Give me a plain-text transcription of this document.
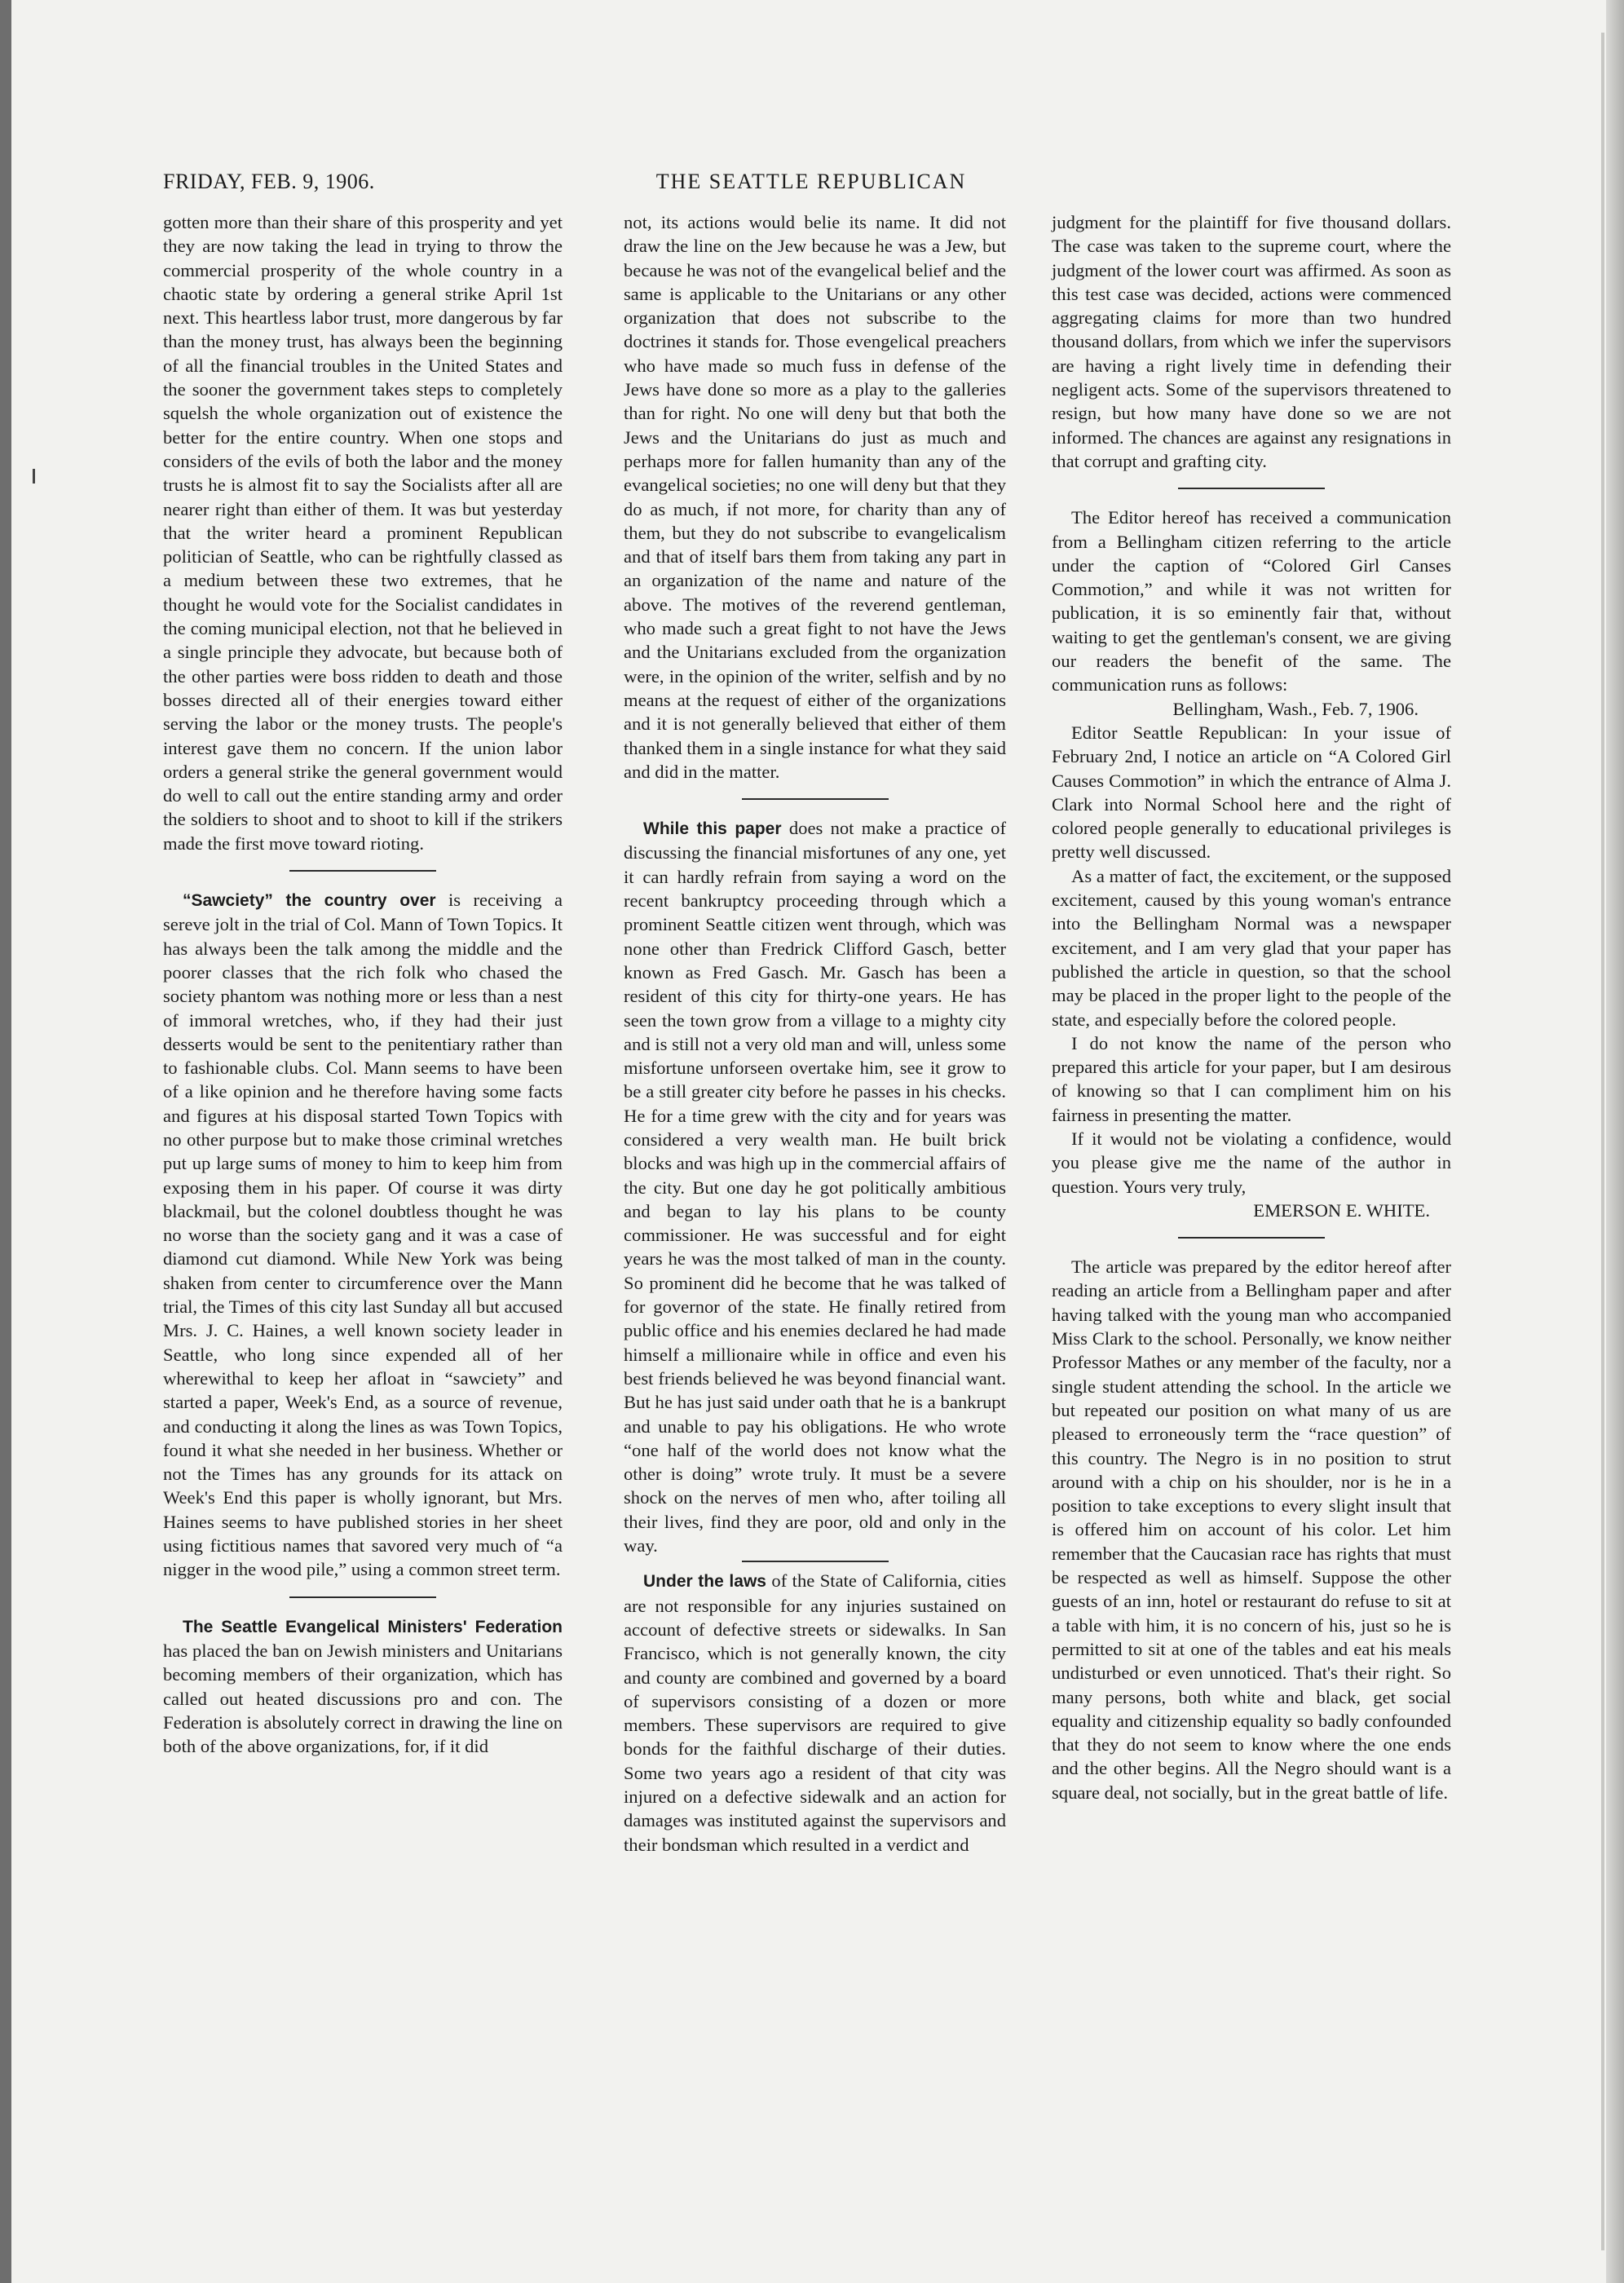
THE SEATTLE REPUBLICAN
FRIDAY, FEB. 9, 1906.

gotten more than their share of this prosperity and yet they are now taking the lead in trying to throw the commercial prosperity of the whole country in a chaotic state by ordering a general strike April 1st next. This heartless labor trust, more dangerous by far than the money trust, has always been the beginning of all the financial troubles in the United States and the sooner the government takes steps to completely squelsh the whole organization out of existence the better for the entire country. When one stops and considers of the evils of both the labor and the money trusts he is almost fit to say the Socialists after all are nearer right than either of them. It was but yesterday that the writer heard a prominent Republican politician of Seattle, who can be rightfully classed as a medium between these two extremes, that he thought he would vote for the Socialist candidates in the coming municipal election, not that he believed in a single principle they advocate, but because both of the other parties were boss ridden to death and those bosses directed all of their energies toward either serving the labor or the money trusts. The people's interest gave them no concern. If the union labor orders a general strike the general government would do well to call out the entire standing army and order the soldiers to shoot and to shoot to kill if the strikers made the first move toward rioting.

“Sawciety” the country over is receiving a sereve jolt in the trial of Col. Mann of Town Topics. It has always been the talk among the middle and the poorer classes that the rich folk who chased the society phantom was nothing more or less than a nest of immoral wretches, who, if they had their just desserts would be sent to the penitentiary rather than to fashionable clubs. Col. Mann seems to have been of a like opinion and he therefore having some facts and figures at his disposal started Town Topics with no other purpose but to make those criminal wretches put up large sums of money to him to keep him from exposing them in his paper. Of course it was dirty blackmail, but the colonel doubtless thought he was no worse than the society gang and it was a case of diamond cut diamond. While New York was being shaken from center to circumference over the Mann trial, the Times of this city last Sunday all but accused Mrs. J. C. Haines, a well known society leader in Seattle, who long since expended all of her wherewithal to keep her afloat in “sawciety” and started a paper, Week's End, as a source of revenue, and conducting it along the lines as was Town Topics, found it what she needed in her business. Whether or not the Times has any grounds for its attack on Week's End this paper is wholly ignorant, but Mrs. Haines seems to have published stories in her sheet using fictitious names that savored very much of “a nigger in the wood pile,” using a common street term.

The Seattle Evangelical Ministers' Federation has placed the ban on Jewish ministers and Unitarians becoming members of their organization, which has called out heated discussions pro and con. The Federation is absolutely correct in drawing the line on both of the above organizations, for, if it did

not, its actions would belie its name. It did not draw the line on the Jew because he was a Jew, but because he was not of the evangelical belief and the same is applicable to the Unitarians or any other organization that does not subscribe to the doctrines it stands for. Those evengelical preachers who have made so much fuss in defense of the Jews have done so more as a play to the galleries than for right. No one will deny but that both the Jews and the Unitarians do just as much and perhaps more for fallen humanity than any of the evangelical societies; no one will deny but that they do as much, if not more, for charity than any of them, but they do not subscribe to evangelicalism and that of itself bars them from taking any part in an organization of the name and nature of the above. The motives of the reverend gentleman, who made such a great fight to not have the Jews and the Unitarians excluded from the organization were, in the opinion of the writer, selfish and by no means at the request of either of the organizations and it is not generally believed that either of them thanked them in a single instance for what they said and did in the matter.

While this paper does not make a practice of discussing the financial misfortunes of any one, yet it can hardly refrain from saying a word on the recent bankruptcy proceeding through which a prominent Seattle citizen went through, which was none other than Fredrick Clifford Gasch, better known as Fred Gasch. Mr. Gasch has been a resident of this city for thirty-one years. He has seen the town grow from a village to a mighty city and is still not a very old man and will, unless some misfortune unforseen overtake him, see it grow to be a still greater city before he passes in his checks. He for a time grew with the city and for years was considered a very wealth man. He built brick blocks and was high up in the commercial affairs of the city. But one day he got politically ambitious and began to lay his plans to be county commissioner. He was successful and for eight years he was the most talked of man in the county. So prominent did he become that he was talked of for governor of the state. He finally retired from public office and his enemies declared he had made himself a millionaire while in office and even his best friends believed he was beyond financial want. But he has just said under oath that he is a bankrupt and unable to pay his obligations. He who wrote “one half of the world does not know what the other is doing” wrote truly. It must be a severe shock on the nerves of men who, after toiling all their lives, find they are poor, old and only in the way.

Under the laws of the State of California, cities are not responsible for any injuries sustained on account of defective streets or sidewalks. In San Francisco, which is not generally known, the city and county are combined and governed by a board of supervisors consisting of a dozen or more members. These supervisors are required to give bonds for the faithful discharge of their duties. Some two years ago a resident of that city was injured on a defective sidewalk and an action for damages was instituted against the supervisors and their bondsman which resulted in a verdict and

judgment for the plaintiff for five thousand dollars. The case was taken to the supreme court, where the judgment of the lower court was affirmed. As soon as this test case was decided, actions were commenced aggregating claims for more than two hundred thousand dollars, from which we infer the supervisors are having a right lively time in defending their negligent acts. Some of the supervisors threatened to resign, but how many have done so we are not informed. The chances are against any resignations in that corrupt and grafting city.

The Editor hereof has received a communication from a Bellingham citizen referring to the article under the caption of “Colored Girl Canses Commotion,” and while it was not written for publication, it is so eminently fair that, without waiting to get the gentleman's consent, we are giving our readers the benefit of the same. The communication runs as follows:

Bellingham, Wash., Feb. 7, 1906.

Editor Seattle Republican: In your issue of February 2nd, I notice an article on “A Colored Girl Causes Commotion” in which the entrance of Alma J. Clark into Normal School here and the right of colored people generally to educational privileges is pretty well discussed.

As a matter of fact, the excitement, or the supposed excitement, caused by this young woman's entrance into the Bellingham Normal was a newspaper excitement, and I am very glad that your paper has published the article in question, so that the school may be placed in the proper light to the people of the state, and especially before the colored people.

I do not know the name of the person who prepared this article for your paper, but I am desirous of knowing so that I can compliment him on his fairness in presenting the matter.

If it would not be violating a confidence, would you please give me the name of the author in question. Yours very truly,

EMERSON E. WHITE.

The article was prepared by the editor hereof after reading an article from a Bellingham paper and after having talked with the young man who accompanied Miss Clark to the school. Personally, we know neither Professor Mathes or any member of the faculty, nor a single student attending the school. In the article we but repeated our position on what many of us are pleased to erroneously term the “race question” of this country. The Negro is in no position to strut around with a chip on his shoulder, nor is he in a position to take exceptions to every slight insult that is offered him on account of his color. Let him remember that the Caucasian race has rights that must be respected as well as himself. Suppose the other guests of an inn, hotel or restaurant do refuse to sit at a table with him, it is no concern of his, just so he is permitted to sit at one of the tables and eat his meals undisturbed or even unnoticed. That's their right. So many persons, both white and black, get social equality and citizenship equality so badly confounded that they do not seem to know where the one ends and the other begins. All the Negro should want is a square deal, not socially, but in the great battle of life.
